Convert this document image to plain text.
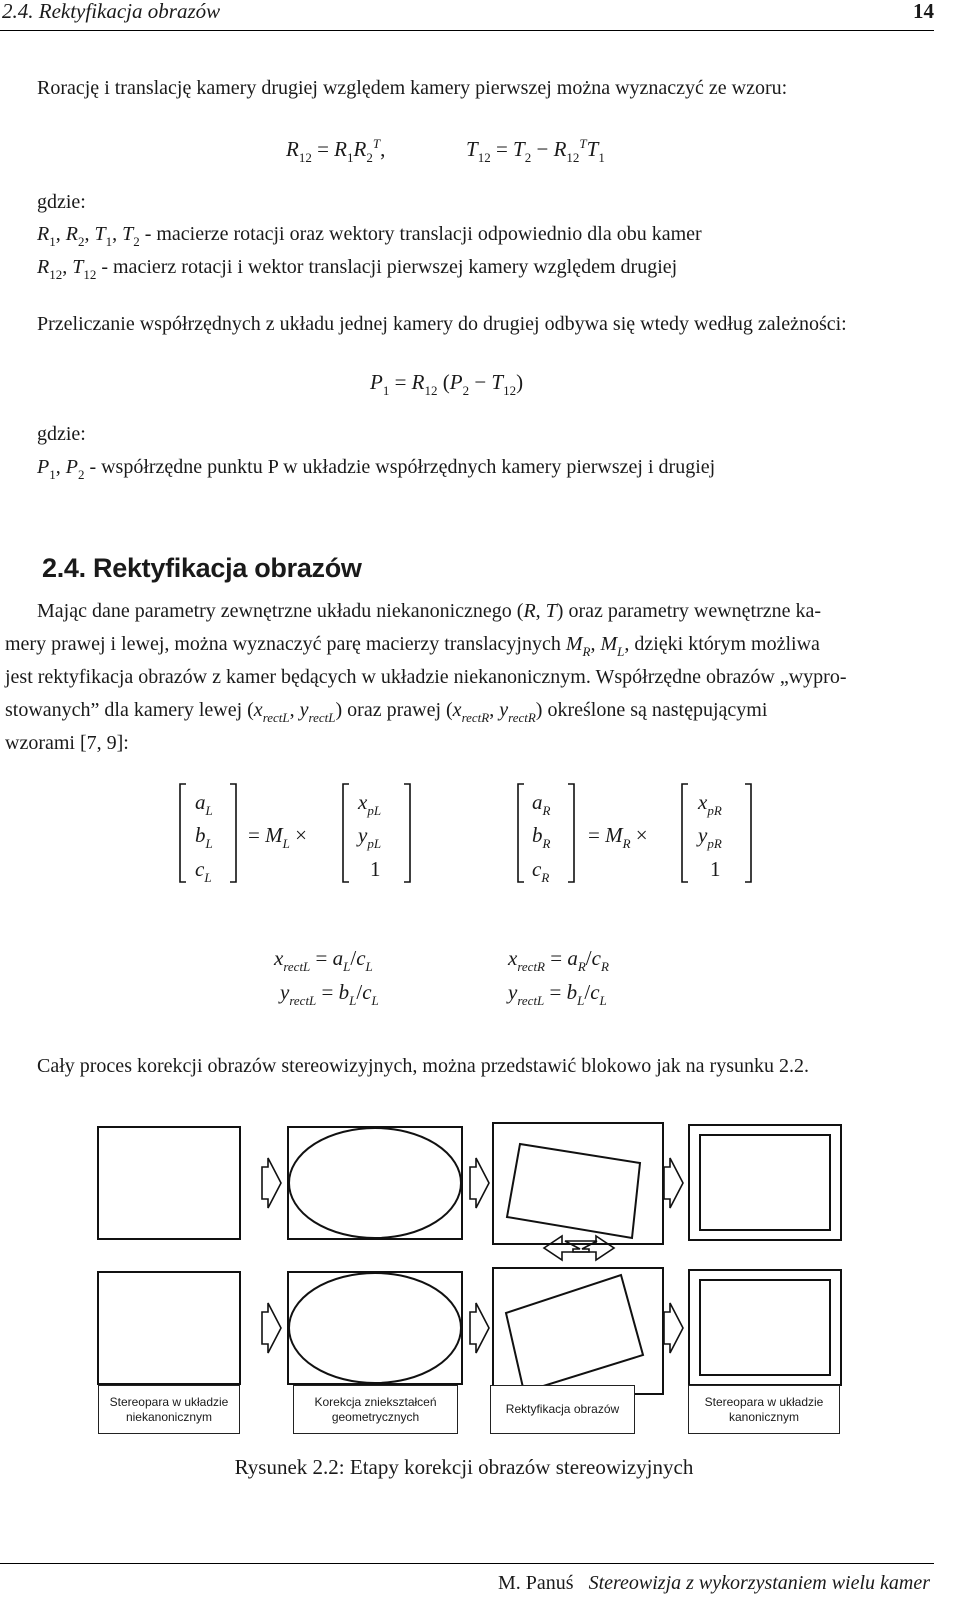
2.4. Rektyfikacja obrazów	14
Rorację i translację kamery drugiej względem kamery pierwszej można wyznaczyć ze wzoru:
$R_{12} = R_1R_2^T$,	$T_{12} = T_2 - R_{12}^TT_1$
gdzie:
$R_1$, $R_2$, $T_1$, $T_2$ - macierze rotacji oraz wektory translacji odpowiednio dla obu kamer
$R_{12}$, $T_{12}$ - macierz rotacji i wektor translacji pierwszej kamery względem drugiej
Przeliczanie współrzędnych z układu jednej kamery do drugiej odbywa się wtedy według zależności:
$P_1 = R_{12}$ $(P_2 - T_{12})$
gdzie:
$P_1$, $P_2$ - współrzędne punktu P w układzie współrzędnych kamery pierwszej i drugiej
2.4. Rektyfikacja obrazów
Mając dane parametry zewnętrzne układu niekanonicznego (R, T) oraz parametry wewnętrzne ka-
mery prawej i lewej, można wyznaczyć parę macierzy translacyjnych $M_R$, $M_L$, dzięki którym możliwa
jest rektyfikacja obrazów z kamer będących w układzie niekanonicznym. Współrzędne obrazów „wypro-
stowanych” dla kamery lewej ($x_{rectL}$, $y_{rectL}$) oraz prawej ($x_{rectR}$, $y_{rectR}$) określone są następującymi
wzorami [7, 9]:
$a_L$
$b_L$
$c_L$
= $M_L$ ×
$x_{pL}$
$y_{pL}$
1
$a_R$
$b_R$
$c_R$
= $M_R$ ×
$x_{pR}$
$y_{pR}$
1
$x_{rectL} = a_L/c_L$
$y_{rectL} = b_L/c_L$
$x_{rectR} = a_R/c_R$
$y_{rectL} = b_L/c_L$
Cały proces korekcji obrazów stereowizyjnych, można przedstawić blokowo jak na rysunku 2.2.
Stereopara w układzie niekanonicznym
Korekcja zniekształceń geometrycznych
Rektyfikacja obrazów
Stereopara w układzie kanonicznym
Rysunek 2.2: Etapy korekcji obrazów stereowizyjnych
M. Panuś Stereowizja z wykorzystaniem wielu kamer
